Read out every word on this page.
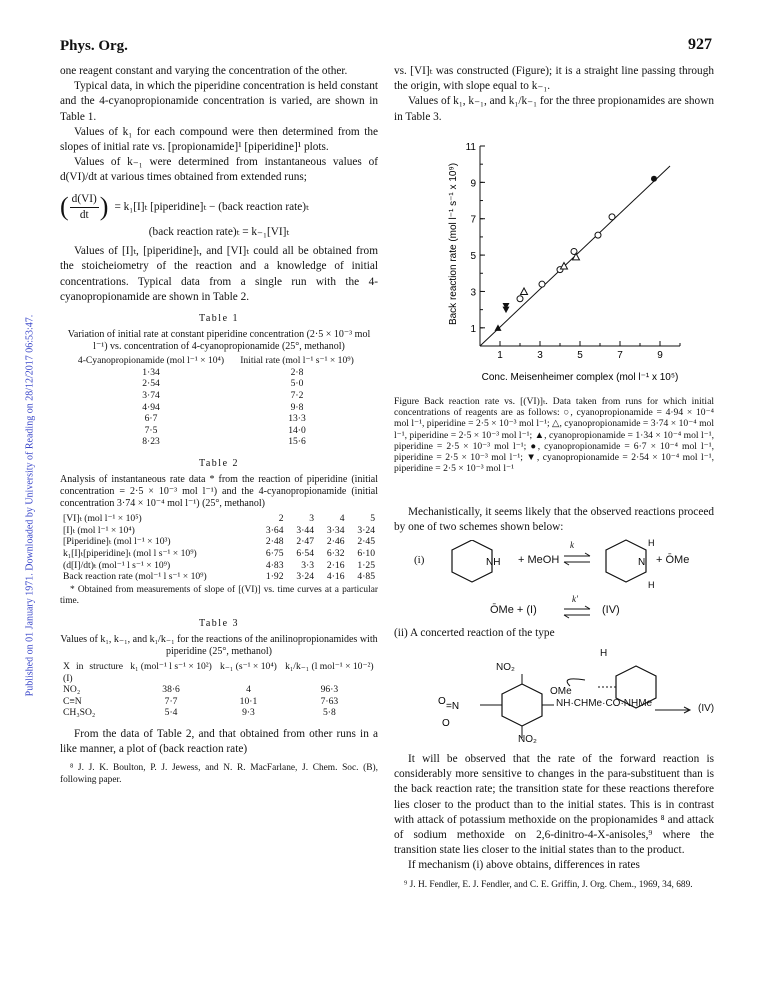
Published on 01 January 1971. Downloaded by University of Reading on 28/12/2017 06:53:47.
Phys. Org.	927

one reagent constant and varying the concentration of the other.

Typical data, in which the piperidine concentration is held constant and the 4-cyanopropionamide concentration is varied, are shown in Table 1.

Values of k₁ for each compound were then determined from the slopes of initial rate vs. [propionamide]¹ [piperidine]¹ plots.

Values of k₋₁ were determined from instantaneous values of d(VI)/dt at various times obtained from extended runs;

( $\frac{d(VI)}{dt}$ ) = k₁[I]ₜ [piperidine]ₜ − (back reaction rate)ₜ
(back reaction rate)ₜ = k₋₁[VI]ₜ

Values of [I]ₜ, [piperidine]ₜ, and [VI]ₜ could all be obtained from the stoicheiometry of the reaction and a knowledge of initial concentrations. Typical data from a single run with the 4-cyanopropionamide are shown in Table 2.

Table 1
Variation of initial rate at constant piperidine concentration (2·5 × 10⁻³ mol l⁻¹) vs. concentration of 4-cyanopropionamide (25°, methanol)
4-Cyanopropionamide (mol l⁻¹ × 10⁴)	Initial rate (mol l⁻¹ s⁻¹ × 10⁹)
1·34	2·8
2·54	5·0
3·74	7·2
4·94	9·8
6·7	13·3
7·5	14·0
8·23	15·6
Table 2
Analysis of instantaneous rate data * from the reaction of piperidine (initial concentration = 2·5 × 10⁻³ mol l⁻¹) and the 4-cyanopropionamide (initial concentration 3·74 × 10⁻⁴ mol l⁻¹) (25°, methanol)
[VI]ₜ (mol l⁻¹ × 10⁵)	2	3	4	5
[I]ₜ (mol l⁻¹ × 10⁴)	3·64	3·44	3·34	3·24
[Piperidine]ₜ (mol l⁻¹ × 10³)	2·48	2·47	2·46	2·45
k₁[I]ₜ[piperidine]ₜ (mol l s⁻¹ × 10⁹)	6·75	6·54	6·32	6·10
(d[I]/dt)ₜ (mol⁻¹ l s⁻¹ × 10⁹)	4·83	3·3	2·16	1·25
Back reaction rate (mol⁻¹ l s⁻¹ × 10⁹)	1·92	3·24	4·16	4·85
* Obtained from measurements of slope of [(VI)] vs. time curves at a particular time.
Table 3
Values of k₁, k₋₁, and k₁/k₋₁ for the reactions of the anilinopropionamides with piperidine (25°, methanol)
X in structure (I)	k₁ (mol⁻¹ l s⁻¹ × 10²)	k₋₁ (s⁻¹ × 10⁴)	k₁/k₋₁ (l mol⁻¹ × 10⁻²)
NO₂	38·6	4	96·3
C≡N	7·7	10·1	7·63
CH₃SO₂	5·4	9·3	5·8

From the data of Table 2, and that obtained from other runs in a like manner, a plot of (back reaction rate)

⁸ J. J. K. Boulton, P. J. Jewess, and N. R. MacFarlane, J. Chem. Soc. (B), following paper.

vs. [VI]ₜ was constructed (Figure); it is a straight line passing through the origin, with slope equal to k₋₁.

Values of k₁, k₋₁, and k₁/k₋₁ for the three propionamides are shown in Table 3.

1	3	5	7	9
1
3
5
7
9
11
Conc. Meisenheimer complex (mol l⁻¹ x 10⁵)
Back reaction rate (mol l⁻¹ s⁻¹ x 10⁹)
Figure Back reaction rate vs. [(VI)]ₜ. Data taken from runs for which initial concentrations of reagents are as follows: ○, cyanopropionamide = 4·94 × 10⁻⁴ mol l⁻¹, piperidine = 2·5 × 10⁻³ mol l⁻¹; △, cyanopropionamide = 3·74 × 10⁻⁴ mol l⁻¹, piperidine = 2·5 × 10⁻³ mol l⁻¹; ▲, cyanopropionamide = 1·34 × 10⁻⁴ mol l⁻¹, piperidine = 2·5 × 10⁻³ mol l⁻¹; ●, cyanopropionamide = 6·7 × 10⁻⁴ mol l⁻¹, piperidine = 2·5 × 10⁻³ mol l⁻¹; ▼, cyanopropionamide = 2·54 × 10⁻⁴ mol l⁻¹, piperidine = 2·5 × 10⁻³ mol l⁻¹

Mechanistically, it seems likely that the observed reactions proceed by one of two schemes shown below:

(i)	NH + MeOH
k
N
H
H
+ ŌMe
ŌMe + (I)
k′
⇌ (IV)

(ii) A concerted reaction of the type

O =N
O
NO₂
NO₂
OMe
H
NH·CHMe·CO·NHMe	(IV)

It will be observed that the rate of the forward reaction is considerably more sensitive to changes in the para-substituent than is the back reaction rate; the transition state for these reactions therefore lies closer to the product than to the initial states. This is in contrast with attack of potassium methoxide on the propionamides ⁸ and attack of sodium methoxide on 2,6-dinitro-4-X-anisoles,⁹ where the transition state lies closer to the initial states than to the product.

If mechanism (i) above obtains, differences in rates

⁹ J. H. Fendler, E. J. Fendler, and C. E. Griffin, J. Org. Chem., 1969, 34, 689.
